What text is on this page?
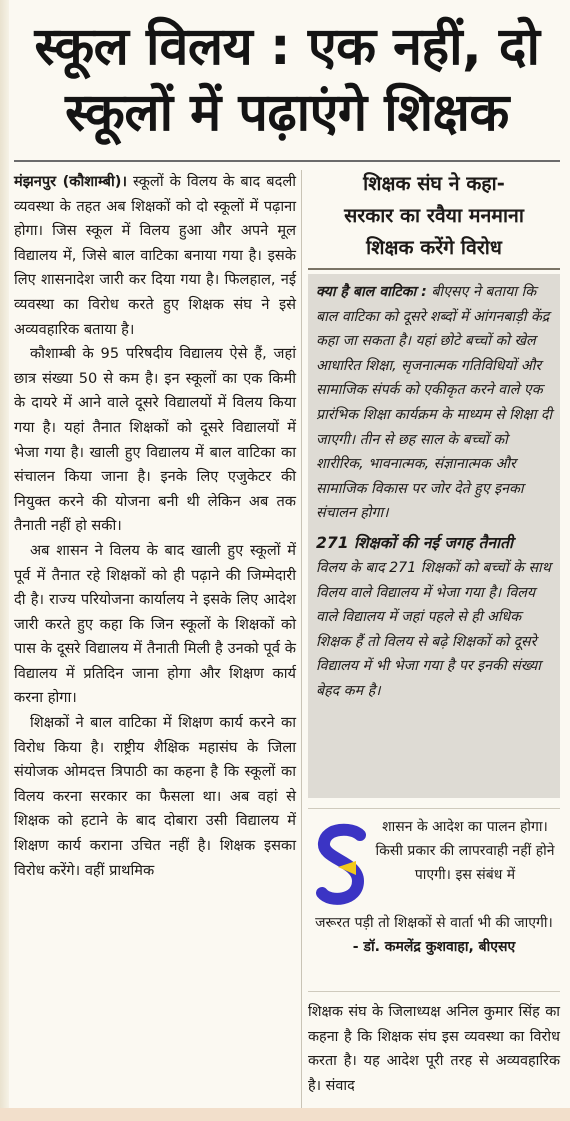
स्कूल विलय : एक नहीं, दो
स्कूलों में पढ़ाएंगे शिक्षक

मंझनपुर (कौशाम्बी)। स्कूलों के विलय के बाद बदली व्यवस्था के तहत अब शिक्षकों को दो स्कूलों में पढ़ाना होगा। जिस स्कूल में विलय हुआ और अपने मूल विद्यालय में, जिसे बाल वाटिका बनाया गया है। इसके लिए शासनादेश जारी कर दिया गया है। फिलहाल, नई व्यवस्था का विरोध करते हुए शिक्षक संघ ने इसे अव्यवहारिक बताया है।

कौशाम्बी के 95 परिषदीय विद्यालय ऐसे हैं, जहां छात्र संख्या 50 से कम है। इन स्कूलों का एक किमी के दायरे में आने वाले दूसरे विद्यालयों में विलय किया गया है। यहां तैनात शिक्षकों को दूसरे विद्यालयों में भेजा गया है। खाली हुए विद्यालय में बाल वाटिका का संचालन किया जाना है। इनके लिए एजुकेटर की नियुक्त करने की योजना बनी थी लेकिन अब तक तैनाती नहीं हो सकी।

अब शासन ने विलय के बाद खाली हुए स्कूलों में पूर्व में तैनात रहे शिक्षकों को ही पढ़ाने की जिम्मेदारी दी है। राज्य परियोजना कार्यालय ने इसके लिए आदेश जारी करते हुए कहा कि जिन स्कूलों के शिक्षकों को पास के दूसरे विद्यालय में तैनाती मिली है उनको पूर्व के विद्यालय में प्रतिदिन जाना होगा और शिक्षण कार्य करना होगा।

शिक्षकों ने बाल वाटिका में शिक्षण कार्य करने का विरोध किया है। राष्ट्रीय शैक्षिक महासंघ के जिला संयोजक ओमदत्त त्रिपाठी का कहना है कि स्कूलों का विलय करना सरकार का फैसला था। अब वहां से शिक्षक को हटाने के बाद दोबारा उसी विद्यालय में शिक्षण कार्य कराना उचित नहीं है। शिक्षक इसका विरोध करेंगे। वहीं प्राथमिक

शिक्षक संघ ने कहा-
सरकार का रवैया मनमाना
शिक्षक करेंगे विरोध

क्या है बाल वाटिका : बीएसए ने बताया कि बाल वाटिका को दूसरे शब्दों में आंगनबाड़ी केंद्र कहा जा सकता है। यहां छोटे बच्चों को खेल आधारित शिक्षा, सृजनात्मक गतिविधियों और सामाजिक संपर्क को एकीकृत करने वाले एक प्रारंभिक शिक्षा कार्यक्रम के माध्यम से शिक्षा दी जाएगी। तीन से छह साल के बच्चों को शारीरिक, भावनात्मक, संज्ञानात्मक और सामाजिक विकास पर जोर देते हुए इनका संचालन होगा।

271 शिक्षकों की नई जगह तैनाती

विलय के बाद 271 शिक्षकों को बच्चों के साथ विलय वाले विद्यालय में भेजा गया है। विलय वाले विद्यालय में जहां पहले से ही अधिक शिक्षक हैं तो विलय से बढ़े शिक्षकों को दूसरे विद्यालय में भी भेजा गया है पर इनकी संख्या बेहद कम है।

शासन के आदेश का पालन होगा। किसी प्रकार की लापरवाही नहीं होने पाएगी। इस संबंध में

जरूरत पड़ी तो शिक्षकों से वार्ता भी की जाएगी। - डॉ. कमलेंद्र कुशवाहा, बीएसए

शिक्षक संघ के जिलाध्यक्ष अनिल कुमार सिंह का कहना है कि शिक्षक संघ इस व्यवस्था का विरोध करता है। यह आदेश पूरी तरह से अव्यवहारिक है। संवाद
